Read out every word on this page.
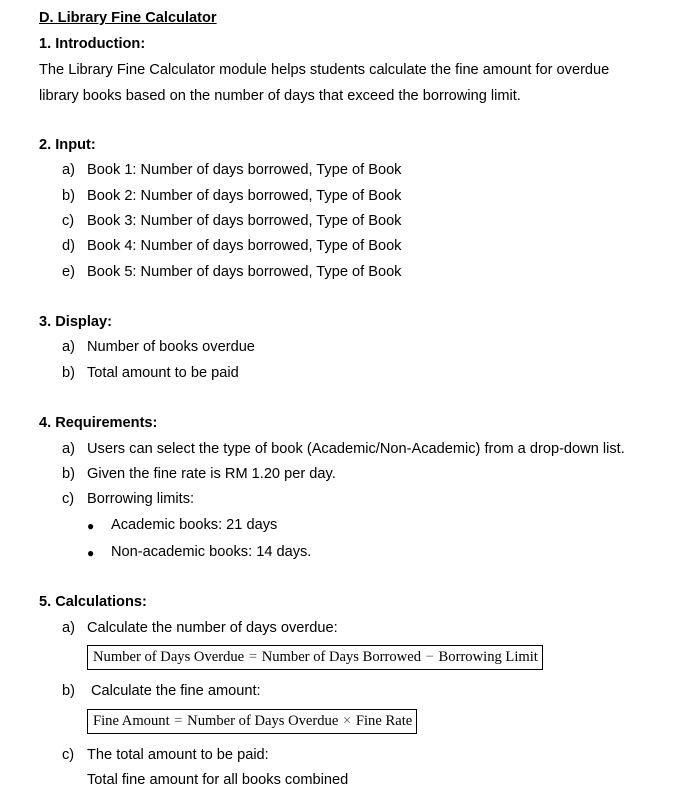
D. Library Fine Calculator
1. Introduction:
The Library Fine Calculator module helps students calculate the fine amount for overdue
library books based on the number of days that exceed the borrowing limit.
2. Input:
a) Book 1: Number of days borrowed, Type of Book
b) Book 2: Number of days borrowed, Type of Book
c) Book 3: Number of days borrowed, Type of Book
d) Book 4: Number of days borrowed, Type of Book
e) Book 5: Number of days borrowed, Type of Book
3. Display:
a) Number of books overdue
b) Total amount to be paid
4. Requirements:
a) Users can select the type of book (Academic/Non-Academic) from a drop-down list.
b) Given the fine rate is RM 1.20 per day.
c) Borrowing limits:
● Academic books: 21 days
● Non-academic books: 14 days.
5. Calculations:
a) Calculate the number of days overdue:
Number of Days Overdue = Number of Days Borrowed − Borrowing Limit
b) Calculate the fine amount:
Fine Amount = Number of Days Overdue × Fine Rate
c) The total amount to be paid:
Total fine amount for all books combined
